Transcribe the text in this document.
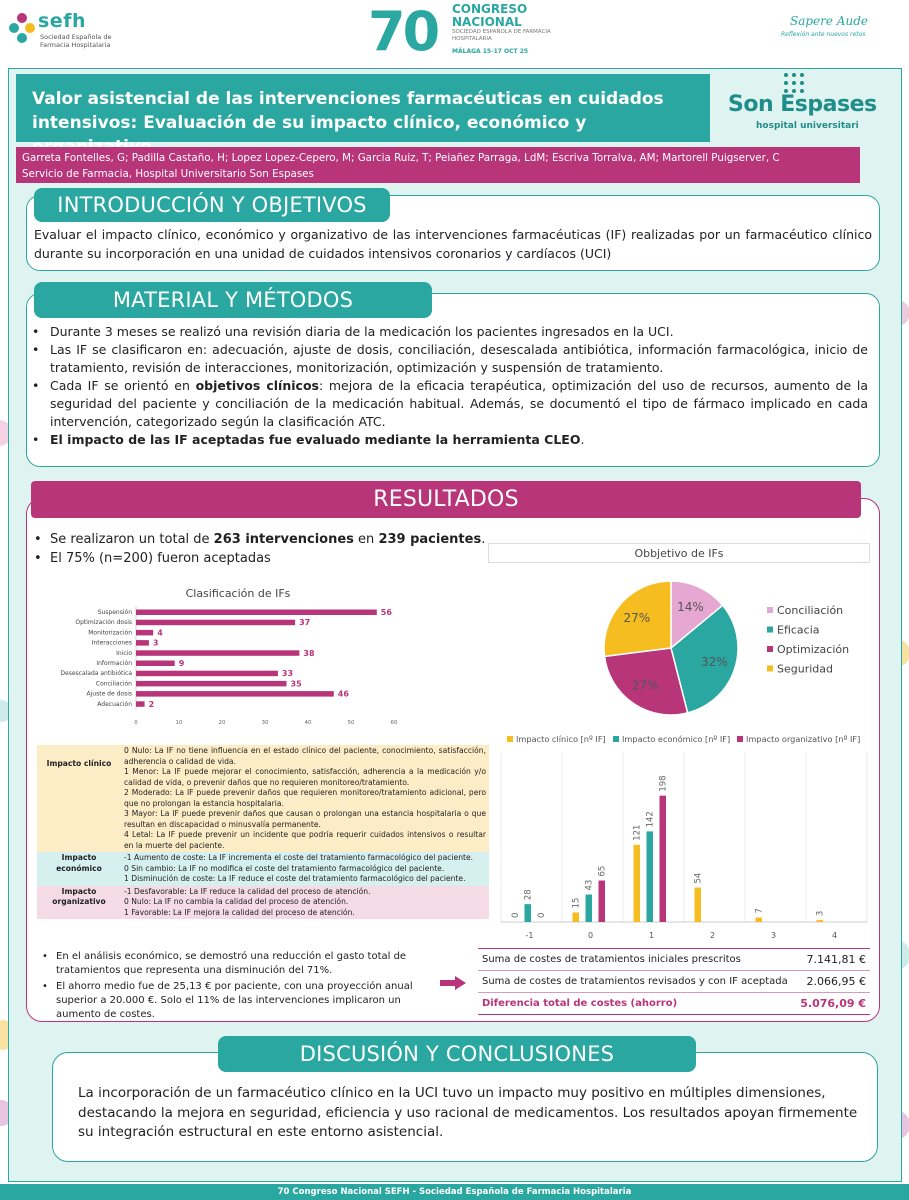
sefh
Sociedad Española de Farmacia Hospitalaria	70 CONGRESO NACIONAL
SOCIEDAD ESPAÑOLA DE FARMACIA HOSPITALARIA
MÁLAGA 15-17 OCT 25
Sapere Aude
Reflexión ante nuevos retos
Valor asistencial de las intervenciones farmacéuticas en cuidados intensivos: Evaluación de su impacto clínico, económico y
Son Espases
hospital universitari
Garreta Fontelles, G; Padilla Castaño, H; Lopez Lopez-Cepero, M; Garcia Ruiz, T; Peiañez Parraga, LdM; Escriva Torralva, AM; Martorell Puigserver, C
Servicio de Farmacia, Hospital Universitario Son Espases
INTRODUCCIÓN Y OBJETIVOS
Evaluar el impacto clínico, económico y organizativo de las intervenciones farmacéuticas (IF) realizadas por un farmacéutico clínico durante su incorporación en una unidad de cuidados intensivos coronarios y cardíacos (UCI)
MATERIAL Y MÉTODOS
• Durante 3 meses se realizó una revisión diaria de la medicación los pacientes ingresados en la UCI.
• Las IF se clasificaron en: adecuación, ajuste de dosis, conciliación, desescalada antibiótica, información farmacológica, inicio de tratamiento, revisión de interacciones, monitorización, optimización y suspensión de tratamiento.
• Cada IF se orientó en objetivos clínicos: mejora de la eficacia terapéutica, optimización del uso de recursos, aumento de la seguridad del paciente y conciliación de la medicación habitual. Además, se documentó el tipo de fármaco implicado en cada intervención, categorizado según la clasificación ATC.
• El impacto de las IF aceptadas fue evaluado mediante la herramienta CLEO.
RESULTADOS
• Se realizaron un total de 263 intervenciones en 239 pacientes.
• El 75% (n=200) fueron aceptadas
Clasificación de IFs
Suspensión	56
Optimización dosis	37
Monitorización	4
Interacciones	3
Inicio	38
Información	9
Desescalada antibiótica	33
Conciliación	35
Ajuste de dosis	46
Adecuación 2
0	10	20	30	40	50	60
Obbjetivo de IFs
14%
32%
27%
27%
Conciliación
Eficacia
Optimización
Seguridad
Impacto clínico	0 Nulo: La IF no tiene influencia en el estado clínico del paciente, conocimiento, satisfacción, adherencia o calidad de vida.
1 Menor: La IF puede mejorar el conocimiento, satisfacción, adherencia a la medicación y/o calidad de vida, o prevenir daños que no requieren monitoreo/tratamiento.
2 Moderado: La IF puede prevenir daños que requieren monitoreo/tratamiento adicional, pero que no prolongan la estancia hospitalaria.
3 Mayor: La IF puede prevenir daños que causan o prolongan una estancia hospitalaria o que resultan en discapacidad o minusvalía permanente.
4 Letal: La IF puede prevenir un incidente que podría requerir cuidados intensivos o resultar en la muerte del paciente.
Impacto económico	-1 Aumento de coste: La IF incrementa el coste del tratamiento farmacológico del paciente.
0 Sin cambio: La IF no modifica el coste del tratamiento farmacológico del paciente.
1 Disminución de coste: La IF reduce el coste del tratamiento farmacológico del paciente.
Impacto organizativo	-1 Desfavorable: La IF reduce la calidad del proceso de atención.
0 Nulo: La IF no cambia la calidad del proceso de atención.
1 Favorable: La IF mejora la calidad del proceso de atención.
Impacto clínico [nº IF] Impacto económico [nº IF] Impacto organizativo [nº IF]
-1
0
28
0
0
15
43
65
1
121
142
198
2
54
3
7
4
3
• En el análisis económico, se demostró una reducción el gasto total de tratamientos que representa una disminución del 71%.
• El ahorro medio fue de 25,13 € por paciente, con una proyección anual superior a 20.000 €. Solo el 11% de las intervenciones implicaron un aumento de costes.
Suma de costes de tratamientos iniciales prescritos	7.141,81 €
Suma de costes de tratamientos revisados y con IF aceptada	2.066,95 €
Diferencia total de costes (ahorro)	5.076,09 €
DISCUSIÓN Y CONCLUSIONES
La incorporación de un farmacéutico clínico en la UCI tuvo un impacto muy positivo en múltiples dimensiones, destacando la mejora en seguridad, eficiencia y uso racional de medicamentos. Los resultados apoyan firmemente su integración estructural en este entorno asistencial.
70 Congreso Nacional SEFH - Sociedad Española de Farmacia Hospitalaria
